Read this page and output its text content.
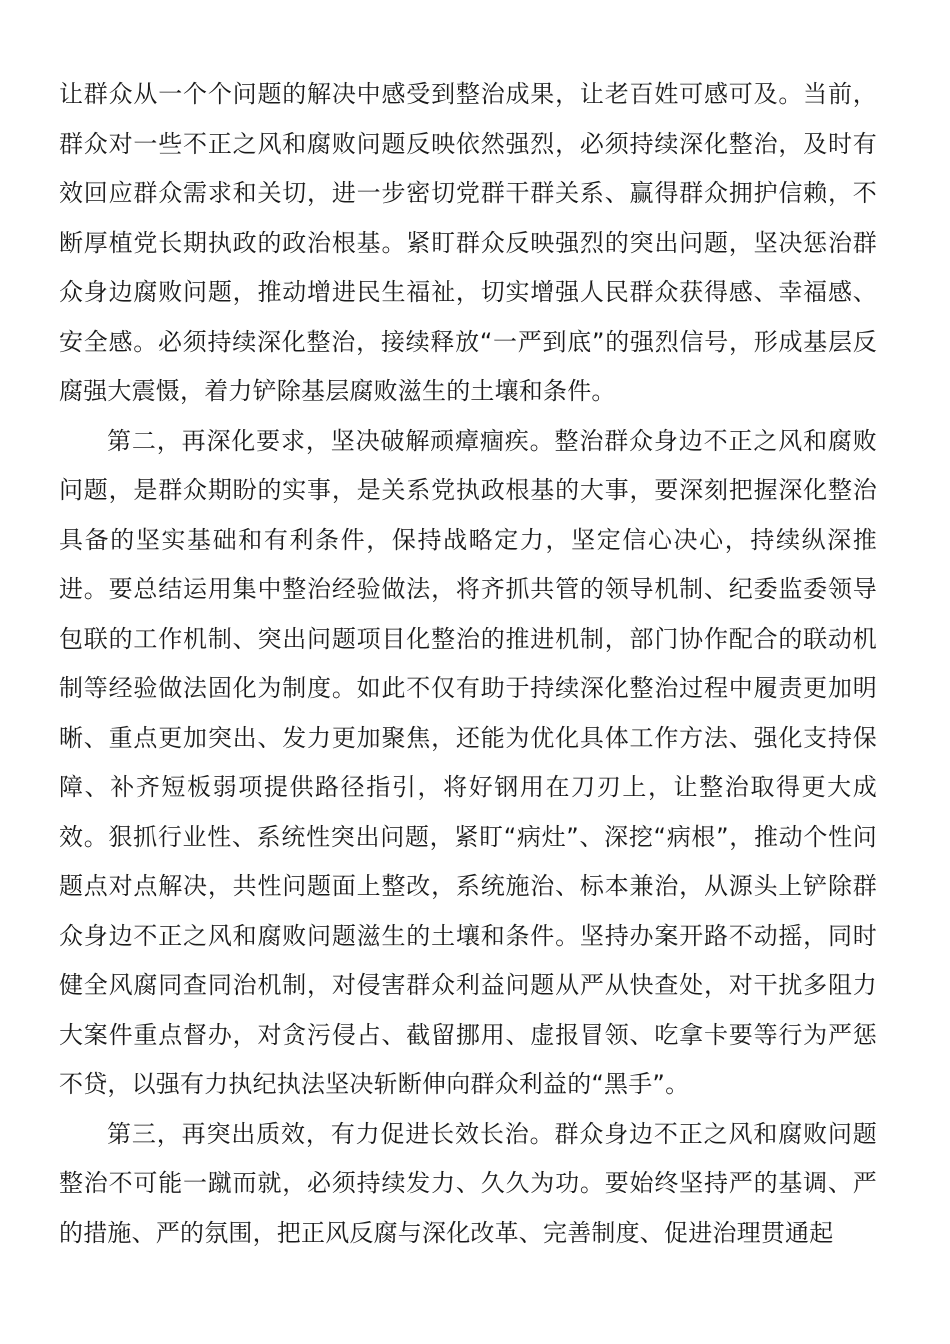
让群众从一个个问题的解决中感受到整治成果，让老百姓可感可及。当前，群众对一些不正之风和腐败问题反映依然强烈，必须持续深化整治，及时有效回应群众需求和关切，进一步密切党群干群关系、赢得群众拥护信赖，不断厚植党长期执政的政治根基。紧盯群众反映强烈的突出问题，坚决惩治群众身边腐败问题，推动增进民生福祉，切实增强人民群众获得感、幸福感、安全感。必须持续深化整治，接续释放“一严到底”的强烈信号，形成基层反腐强大震慑，着力铲除基层腐败滋生的土壤和条件。

第二，再深化要求，坚决破解顽瘴痼疾。整治群众身边不正之风和腐败问题，是群众期盼的实事，是关系党执政根基的大事，要深刻把握深化整治具备的坚实基础和有利条件，保持战略定力，坚定信心决心，持续纵深推进。要总结运用集中整治经验做法，将齐抓共管的领导机制、纪委监委领导包联的工作机制、突出问题项目化整治的推进机制，部门协作配合的联动机制等经验做法固化为制度。如此不仅有助于持续深化整治过程中履责更加明晰、重点更加突出、发力更加聚焦，还能为优化具体工作方法、强化支持保障、补齐短板弱项提供路径指引，将好钢用在刀刃上，让整治取得更大成效。狠抓行业性、系统性突出问题，紧盯“病灶”、深挖“病根”，推动个性问题点对点解决，共性问题面上整改，系统施治、标本兼治，从源头上铲除群众身边不正之风和腐败问题滋生的土壤和条件。坚持办案开路不动摇，同时健全风腐同查同治机制，对侵害群众利益问题从严从快查处，对干扰多阻力大案件重点督办，对贪污侵占、截留挪用、虚报冒领、吃拿卡要等行为严惩不贷，以强有力执纪执法坚决斩断伸向群众利益的“黑手”。

第三，再突出质效，有力促进长效长治。群众身边不正之风和腐败问题整治不可能一蹴而就，必须持续发力、久久为功。要始终坚持严的基调、严的措施、严的氛围，把正风反腐与深化改革、完善制度、促进治理贯通起
